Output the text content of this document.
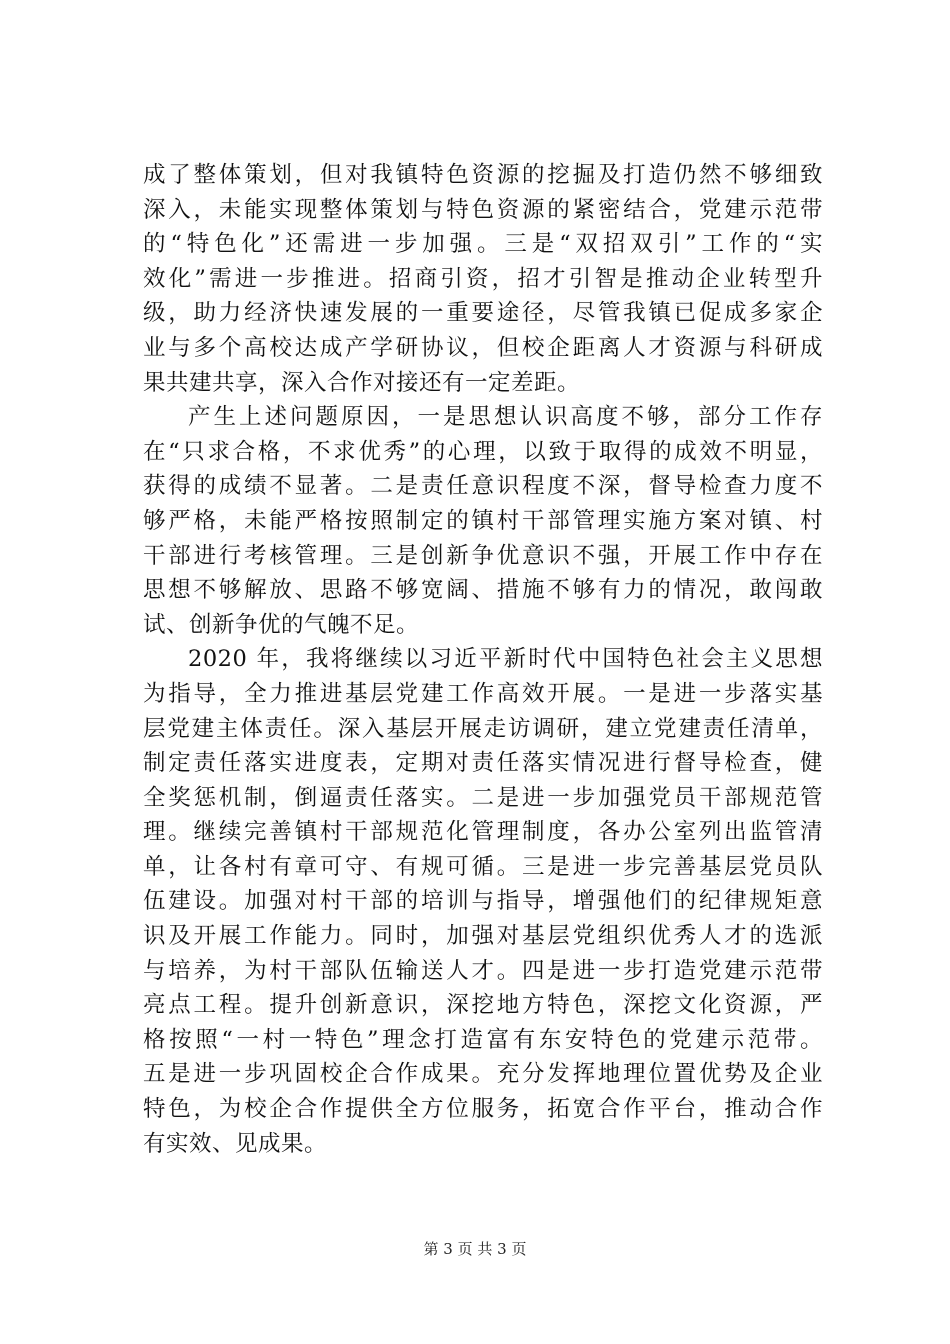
成了整体策划，但对我镇特色资源的挖掘及打造仍然不够细致
深入，未能实现整体策划与特色资源的紧密结合，党建示范带
的“特色化”还需进一步加强。三是“双招双引”工作的“实
效化”需进一步推进。招商引资，招才引智是推动企业转型升
级，助力经济快速发展的一重要途径，尽管我镇已促成多家企
业与多个高校达成产学研协议，但校企距离人才资源与科研成
果共建共享，深入合作对接还有一定差距。
产生上述问题原因，一是思想认识高度不够，部分工作存
在“只求合格，不求优秀”的心理，以致于取得的成效不明显，
获得的成绩不显著。二是责任意识程度不深，督导检查力度不
够严格，未能严格按照制定的镇村干部管理实施方案对镇、村
干部进行考核管理。三是创新争优意识不强，开展工作中存在
思想不够解放、思路不够宽阔、措施不够有力的情况，敢闯敢
试、创新争优的气魄不足。
2020 年，我将继续以习近平新时代中国特色社会主义思想
为指导，全力推进基层党建工作高效开展。一是进一步落实基
层党建主体责任。深入基层开展走访调研，建立党建责任清单，
制定责任落实进度表，定期对责任落实情况进行督导检查，健
全奖惩机制，倒逼责任落实。二是进一步加强党员干部规范管
理。继续完善镇村干部规范化管理制度，各办公室列出监管清
单，让各村有章可守、有规可循。三是进一步完善基层党员队
伍建设。加强对村干部的培训与指导，增强他们的纪律规矩意
识及开展工作能力。同时，加强对基层党组织优秀人才的选派
与培养，为村干部队伍输送人才。四是进一步打造党建示范带
亮点工程。提升创新意识，深挖地方特色，深挖文化资源，严
格按照“一村一特色”理念打造富有东安特色的党建示范带。
五是进一步巩固校企合作成果。充分发挥地理位置优势及企业
特色，为校企合作提供全方位服务，拓宽合作平台，推动合作
有实效、见成果。
第 3 页 共 3 页
